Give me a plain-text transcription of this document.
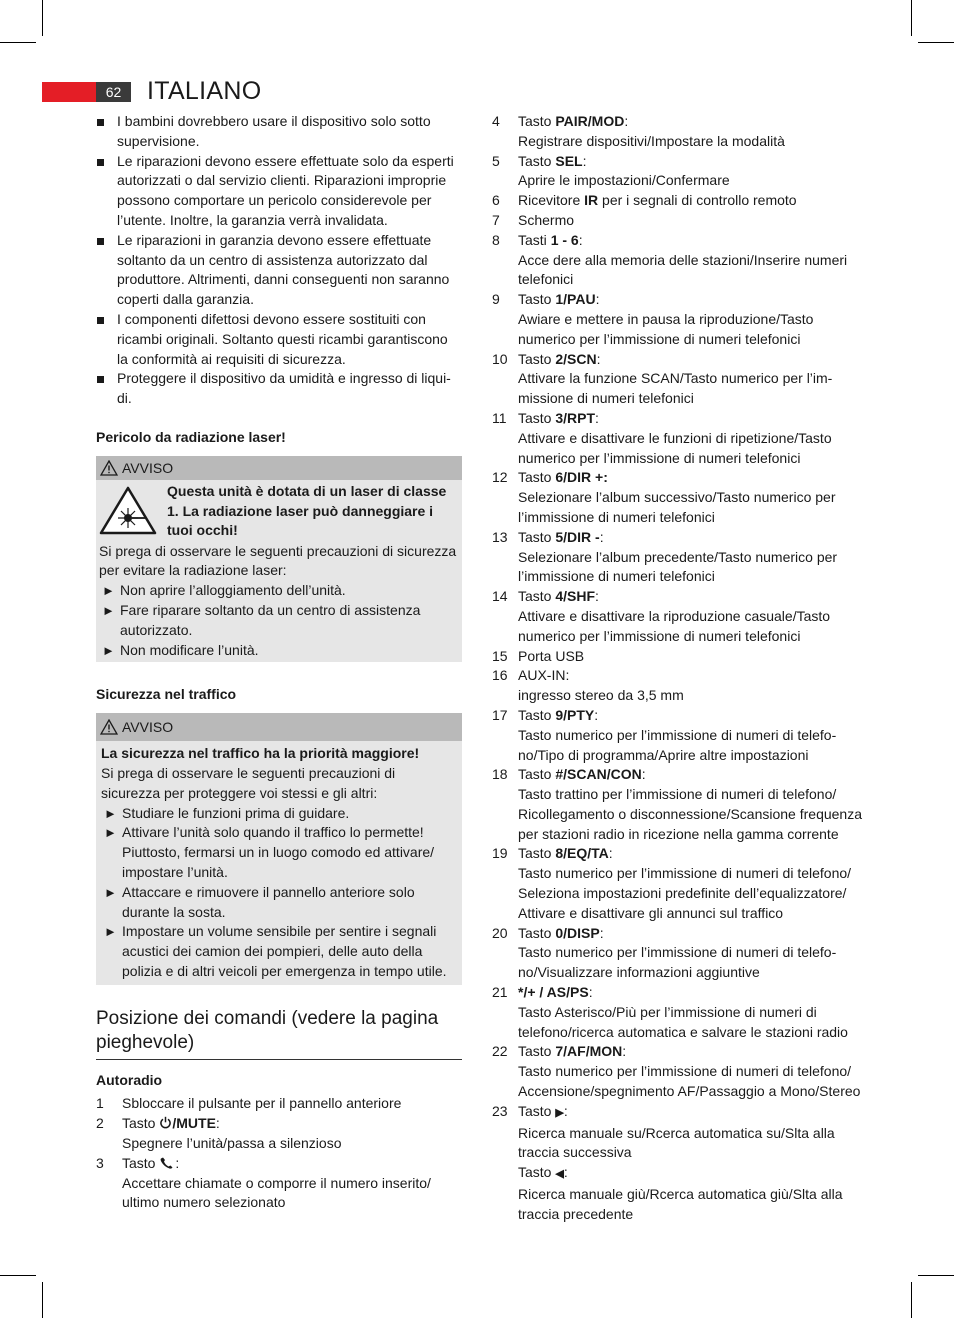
62	ITALIANO
I bambini dovrebbero usare il dispositivo solo sotto supervisione.
Le riparazioni devono essere effettuate solo da esperti autorizzati o dal servizio clienti. Riparazioni improprie possono comportare un pericolo considerevole per l’utente. Inoltre, la garanzia verrà invalidata.
Le riparazioni in garanzia devono essere effettuate soltanto da un centro di assistenza autorizzato dal produttore. Altrimenti, danni conseguenti non saranno coperti dalla garanzia.
I componenti difettosi devono essere sostituiti con ricambi originali. Soltanto questi ricambi garantiscono la conformità ai requisiti di sicurezza.
Proteggere il dispositivo da umidità e ingresso di liqui-di.

Pericolo da radiazione laser!

AVVISO

Questa unità è dotata di un laser di classe 1. La radiazione laser può danneggiare i tuoi occhi!

Si prega di osservare le seguenti precauzioni di sicurezza per evitare la radiazione laser:

► Non aprire l’alloggiamento dell’unità.
► Fare riparare soltanto da un centro di assistenza autorizzato.
► Non modificare l’unità.

Sicurezza nel traffico

AVVISO

La sicurezza nel traffico ha la priorità maggiore!

Si prega di osservare le seguenti precauzioni di sicurezza per proteggere voi stessi e gli altri:

► Studiare le funzioni prima di guidare.
► Attivare l’unità solo quando il traffico lo permette! Piuttosto, fermarsi un in luogo comodo ed attivare/ impostare l’unità.
► Attaccare e rimuovere il pannello anteriore solo durante la sosta.
► Impostare un volume sensibile per sentire i segnali acustici dei camion dei pompieri, delle auto della polizia e di altri veicoli per emergenza in tempo utile.
Posizione dei comandi (vedere la pagina pieghevole)

Autoradio

1	Sbloccare il pulsante per il pannello anteriore
2	Tasto /MUTE:
Spegnere l’unità/passa a silenzioso
3	Tasto :
Accettare chiamate o comporre il numero inserito/ ultimo numero selezionato
4	Tasto PAIR/MOD:
Registrare dispositivi/Impostare la modalità
5	Tasto SEL:
Aprire le impostazioni/Confermare
6	Ricevitore IR per i segnali di controllo remoto
7	Schermo
8	Tasti 1 - 6:
Acce dere alla memoria delle stazioni/Inserire numeri telefonici
9	Tasto 1/PAU:
Awiare e mettere in pausa la riproduzione/Tasto numerico per l’immissione di numeri telefonici
10 Tasto 2/SCN:
Attivare la funzione SCAN/Tasto numerico per l’im-missione di numeri telefonici
11 Tasto 3/RPT:
Attivare e disattivare le funzioni di ripetizione/Tasto numerico per l’immissione di numeri telefonici
12 Tasto 6/DIR +:
Selezionare l’album successivo/Tasto numerico per l’immissione di numeri telefonici
13 Tasto 5/DIR -:
Selezionare l’album precedente/Tasto numerico per l’immissione di numeri telefonici
14 Tasto 4/SHF:
Attivare e disattivare la riproduzione casuale/Tasto numerico per l’immissione di numeri telefonici
15 Porta USB
16 AUX-IN:
ingresso stereo da 3,5 mm
17 Tasto 9/PTY:
Tasto numerico per l’immissione di numeri di telefo-no/Tipo di programma/Aprire altre impostazioni
18 Tasto #/SCAN/CON:
Tasto trattino per l’immissione di numeri di telefono/ Ricollegamento o disconnessione/Scansione frequenza per stazioni radio in ricezione nella gamma corrente
19 Tasto 8/EQ/TA:
Tasto numerico per l’immissione di numeri di telefono/ Seleziona impostazioni predefinite dell’equalizzatore/ Attivare e disattivare gli annunci sul traffico
20 Tasto 0/DISP:
Tasto numerico per l’immissione di numeri di telefo-no/Visualizzare informazioni aggiuntive
21 */+ / AS/PS:
Tasto Asterisco/Più per l’immissione di numeri di telefono/ricerca automatica e salvare le stazioni radio
22 Tasto 7/AF/MON:
Tasto numerico per l’immissione di numeri di telefono/ Accensione/spegnimento AF/Passaggio a Mono/Stereo
23 Tasto ▶:
Ricerca manuale su/Rcerca automatica su/Slta alla traccia successiva
Tasto ◀:
Ricerca manuale giù/Rcerca automatica giù/Slta alla traccia precedente
